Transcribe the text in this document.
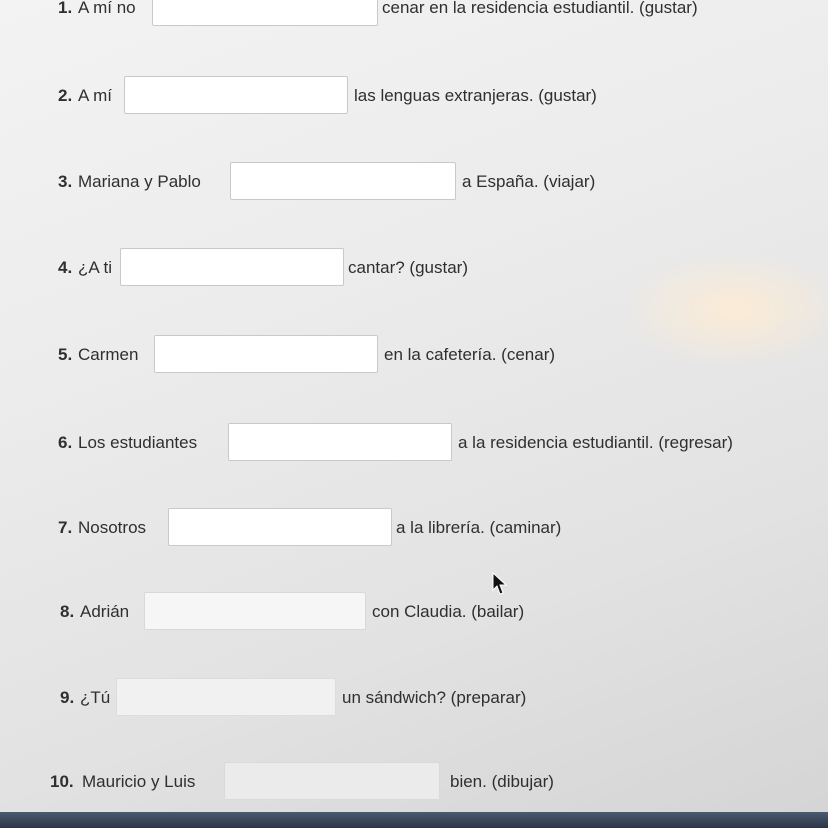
1. A mí no	cenar en la residencia estudiantil. (gustar)
2. A mí	las lenguas extranjeras. (gustar)
3. Mariana y Pablo	a España. (viajar)
4. ¿A ti	cantar? (gustar)
5. Carmen	en la cafetería. (cenar)
6. Los estudiantes	a la residencia estudiantil. (regresar)
7. Nosotros	a la librería. (caminar)
8. Adrián	con Claudia. (bailar)
9. ¿Tú	un sándwich? (preparar)
10. Mauricio y Luis	bien. (dibujar)
